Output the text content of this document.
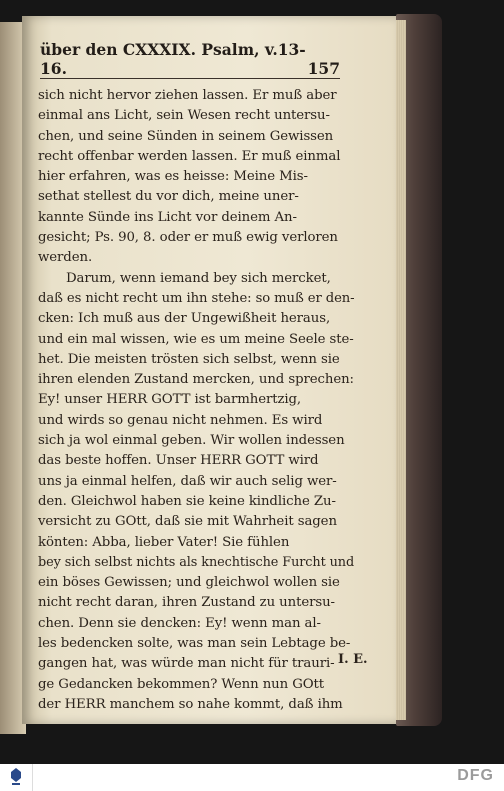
über den CXXXIX. Psalm, v.13-16.	157
sich nicht hervor ziehen lassen. Er muß aber
einmal ans Licht, sein Wesen recht untersu-
chen, und seine Sünden in seinem Gewissen
recht offenbar werden lassen. Er muß einmal
hier erfahren, was es heisse: Meine Mis-
sethat stellest du vor dich, meine uner-
kannte Sünde ins Licht vor deinem An-
gesicht; Ps. 90, 8. oder er muß ewig verloren
werden.
Darum, wenn iemand bey sich mercket,
daß es nicht recht um ihn stehe: so muß er den-
cken: Ich muß aus der Ungewißheit heraus,
und ein mal wissen, wie es um meine Seele ste-
het. Die meisten trösten sich selbst, wenn sie
ihren elenden Zustand mercken, und sprechen:
Ey! unser HERR GOTT ist barmhertzig,
und wirds so genau nicht nehmen. Es wird
sich ja wol einmal geben. Wir wollen indessen
das beste hoffen. Unser HERR GOTT wird
uns ja einmal helfen, daß wir auch selig wer-
den. Gleichwol haben sie keine kindliche Zu-
versicht zu GOtt, daß sie mit Wahrheit sagen
könten: Abba, lieber Vater! Sie fühlen
bey sich selbst nichts als knechtische Furcht und
ein böses Gewissen; und gleichwol wollen sie
nicht recht daran, ihren Zustand zu untersu-
chen. Denn sie dencken: Ey! wenn man al-
les bedencken solte, was man sein Lebtage be-
gangen hat, was würde man nicht für trauri-
ge Gedancken bekommen? Wenn nun GOtt
der HERR manchem so nahe kommt, daß ihm
I. E.
DFG
